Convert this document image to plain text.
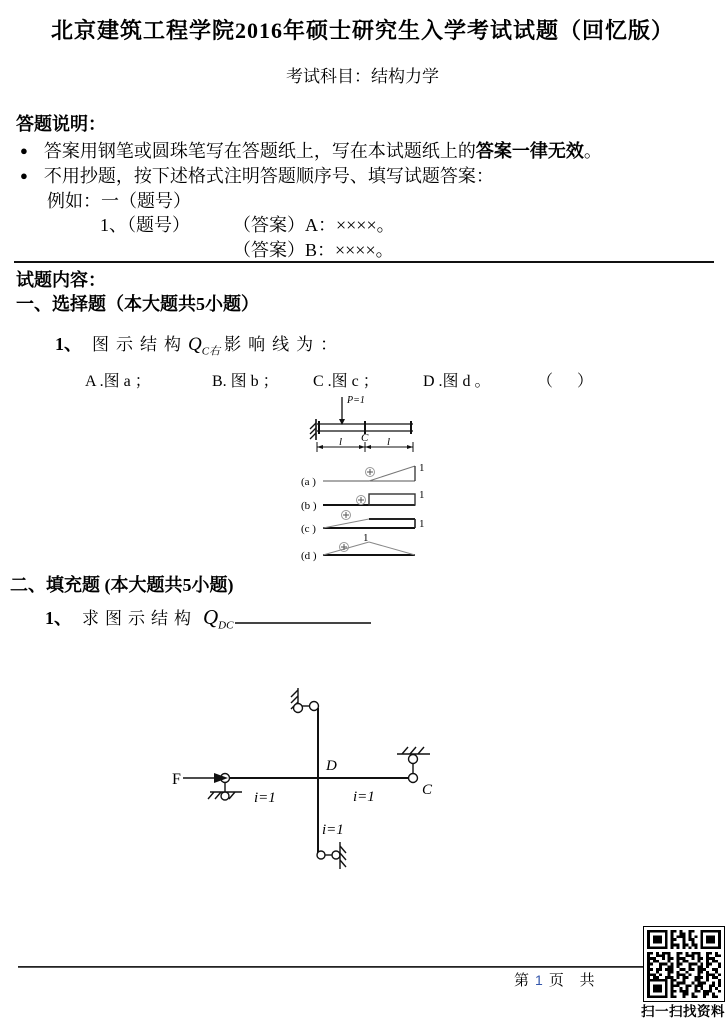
北京建筑工程学院2016年硕士研究生入学考试试题（回忆版）
考试科目：结构力学
答题说明：
● 答案用钢笔或圆珠笔写在答题纸上，写在本试题纸上的答案一律无效。
● 不用抄题，按下述格式注明答题顺序号、填写试题答案：
例如：一（题号）
1、（题号） （答案）A：××××。
（答案）B：××××。
试题内容：
一、选择题（本大题共5小题）
1、 图示结构$Q_{C右}$ 影响线为：
A .图 a ；	B. 图 b ； C .图 c ；	D .图 d 。	（      ）
P=1
C
l	l
(a )
1
(b )
1
(c )	1
(d )
1
二、填充题 (本大题共5小题)
1、 求图示结构 $Q_{DC}$
F
D
C
i=1	i=1
i=1
第1页 共
扫一扫找资料
